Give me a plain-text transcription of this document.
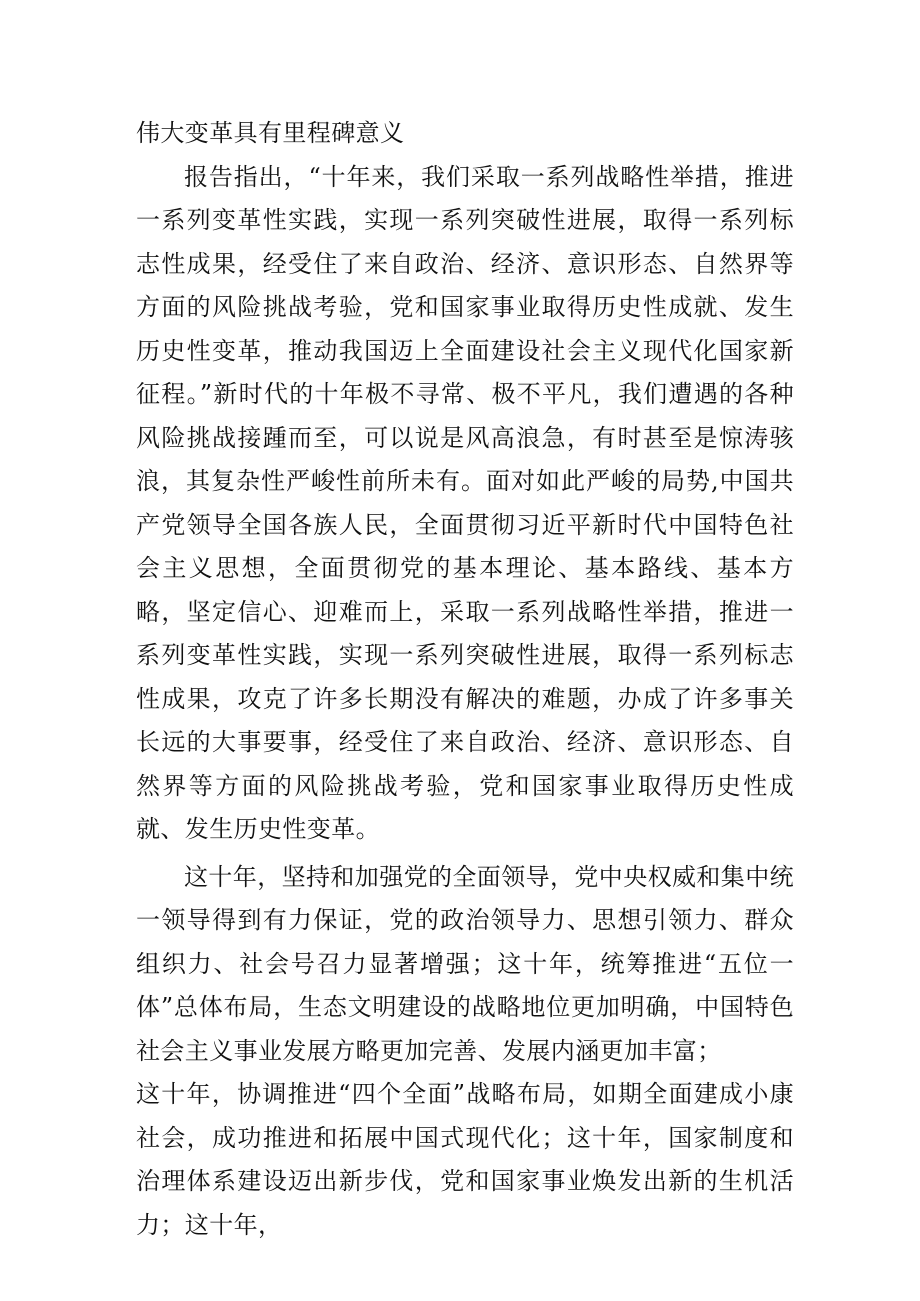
伟大变革具有里程碑意义

报告指出，“十年来，我们采取一系列战略性举措，推进一系列变革性实践，实现一系列突破性进展，取得一系列标志性成果，经受住了来自政治、经济、意识形态、自然界等方面的风险挑战考验，党和国家事业取得历史性成就、发生历史性变革，推动我国迈上全面建设社会主义现代化国家新征程。”新时代的十年极不寻常、极不平凡，我们遭遇的各种风险挑战接踵而至，可以说是风高浪急，有时甚至是惊涛骇浪，其复杂性严峻性前所未有。面对如此严峻的局势,中国共产党领导全国各族人民，全面贯彻习近平新时代中国特色社会主义思想，全面贯彻党的基本理论、基本路线、基本方略，坚定信心、迎难而上，采取一系列战略性举措，推进一系列变革性实践，实现一系列突破性进展，取得一系列标志性成果，攻克了许多长期没有解决的难题，办成了许多事关长远的大事要事，经受住了来自政治、经济、意识形态、自然界等方面的风险挑战考验，党和国家事业取得历史性成就、发生历史性变革。

这十年，坚持和加强党的全面领导，党中央权威和集中统一领导得到有力保证，党的政治领导力、思想引领力、群众组织力、社会号召力显著增强；这十年，统筹推进“五位一体”总体布局，生态文明建设的战略地位更加明确，中国特色社会主义事业发展方略更加完善、发展内涵更加丰富；

这十年，协调推进“四个全面”战略布局，如期全面建成小康社会，成功推进和拓展中国式现代化；这十年，国家制度和治理体系建设迈出新步伐，党和国家事业焕发出新的生机活力；这十年，
